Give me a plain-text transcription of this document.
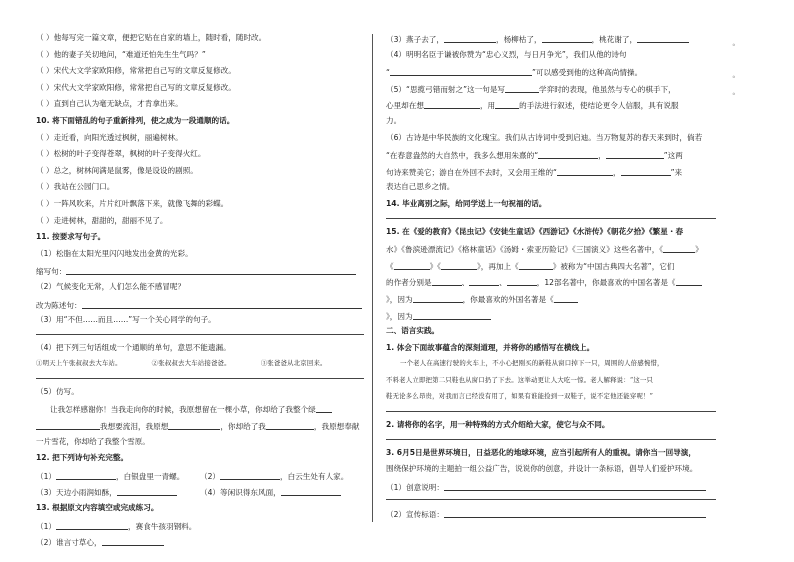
（ ）他每写完一篇文章，便把它贴在自家的墙上，随时看，随时改。
（ ）他的妻子关切地问，“难道还怕先生生气吗？”
（ ）宋代大文学家欧阳修，常常把自己写的文章反复修改。
（ ）宋代大文学家欧阳修，常常把自己写的文章反复修改。
（ ）直到自己认为毫无缺点，才肯拿出来。
10. 将下面错乱的句子重新排列，使之成为一段通顺的话。
（ ）走近看，向阳光透过枫树，丽遍树林。
（ ）松树的叶子变得苍翠，枫树的叶子变得火红。
（ ）总之，树林间满是鼠雾，像是设设的剧照。
（ ）我站在公园门口。
（ ）一阵风吹来，片片红叶飘落下来，就像飞舞的彩蝶。
（ ）走进树林，甜甜的，甜丽不见了。
11. 按要求写句子。
（1）松脂在太阳光里闪闪地发出金黄的光彩。
缩写句：
（2）气候变化无常，人们怎么能不感冒呢？
改为陈述句：
（3）用“不但……而且……”写一个关心同学的句子。
（4）把下列三句话组成一个通顺的单句，意思不能遗漏。
①明天上午张叔叔去大车站。	②张叔叔去大车站接爸爸。	③张爸爸从北京回来。
（5）仿写。
让我怎样感谢你！当我走向你的时候，我原想留在一棵小草，你却给了我整个绿
我想要流泪，我原想	，你却给了我	，我原想奉献
一片雪花，你却给了我整个雪原。
12. 把下列诗句补充完整。
（1）	，白银盘里一青螺。	（2）	，白云生处有人家。
（3）天边小雨润如酥，	（4）等闲识得东风面，
13. 根据原文内容填空或完成练习。
（1）	，赛食牛孩羽钢料。
（2）谁言寸草心，
（3）燕子去了，	，杨柳枯了，	，桃花谢了，
（4）明明名臣于谦被你赞为“忠心义烈，与日月争光”，我们从他的诗句
“	”可以感受到他的这种高尚情操。
（5）“思揽弓错而射之”这一句是写	学弈时的表现，他虽然与专心的棋手下，
心里却在想	，用	的手法进行叙述，使结论更令人信服，具有说服
力。
（6）古诗是中华民族的文化瑰宝。我们从古诗词中受到启迪。当万物复苏的春天来到时，倘若
“在春意盎然的大自然中，我多么想用朱熹的“	，	”这两
句诗来赞美它；游自在外回不去时，又会用王维的“	，	”来
表达自己思乡之情。
14. 毕业离别之际，给同学送上一句祝福的话。
15. 在《爱的教育》《昆虫记》《安徒生童话》《西游记》《水浒传》《朝花夕拾》《繁星・春
水》《鲁滨逊漂流记》《格林童话》《汤姆・索亚历险记》《三国演义》这些名著中，《	》
《	》《	》，再加上《	》被称为“中国古典四大名著”，它们
的作者分别是	、	、	，12部名著中，你最喜欢的中国名著是《
》，因为	，你最喜欢的外国名著是《
》，因为
二、语言实践。
1. 体会下面故事蕴含的深刻道理，并将你的感悟写在横线上。
一个老人在高速行驶的火车上，不小心把刚买的新鞋从窗口掉下一只，周围的人倍感惋惜，
不料老人立即把第二只鞋也从窗口扔了下去。这举动更让人大吃一惊。老人解释说：“这一只
鞋无论多么昂贵，对我而言已经没有用了，如果有谁能捡到一双鞋子，说不定他还能穿呢！”
2. 请将你的名字，用一种特殊的方式介绍给大家，使它与众不同。
3. 6月5日是世界环境日，日益恶化的地球环境，应当引起所有人的重视。请你当一回导演，
围绕保护环境的主题拍一组公益广告，说说你的创意，并设计一条标语，倡导人们爱护环境。
（1）创意说明：
（2）宣传标语：
。
。
。
